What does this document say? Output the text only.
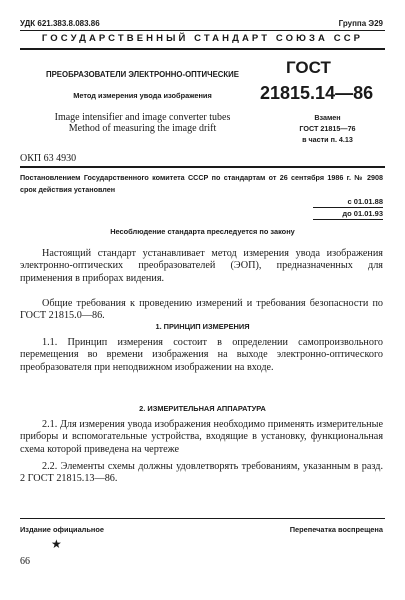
УДК 621.383.8.083.86	Группа Э29
ГОСУДАРСТВЕННЫЙ СТАНДАРТ СОЮЗА ССР
ПРЕОБРАЗОВАТЕЛИ ЭЛЕКТРОННО-ОПТИЧЕСКИЕ
Метод измерения увода изображения
Image intensifier and image converter tubes
Method of measuring the image drift
ОКП 63 4930
ГОСТ
21815.14—86
Взамен
ГОСТ 21815—76
в части п. 4.13
Постановлением Государственного комитета СССР по стандартам от 26 сентября 1986 г. № 2908 срок действия установлен
с 01.01.88
до 01.01.93
Несоблюдение стандарта преследуется по закону
Настоящий стандарт устанавливает метод измерения увода изображения электронно-оптических преобразователей (ЭОП), предназначенных для применения в приборах видения.
Общие требования к проведению измерений и требования безопасности по ГОСТ 21815.0—86.
1. ПРИНЦИП ИЗМЕРЕНИЯ
1.1. Принцип измерения состоит в определении самопроизвольного перемещения во времени изображения на выходе электронно-оптического преобразователя при неподвижном изображении на входе.
2. ИЗМЕРИТЕЛЬНАЯ АППАРАТУРА
2.1. Для измерения увода изображения необходимо применять измерительные приборы и вспомогательные устройства, входящие в установку, функциональная схема которой приведена на чертеже
2.2. Элементы схемы должны удовлетворять требованиям, указанным в разд. 2 ГОСТ 21815.13—86.
Издание официальное	Перепечатка воспрещена
★
66
